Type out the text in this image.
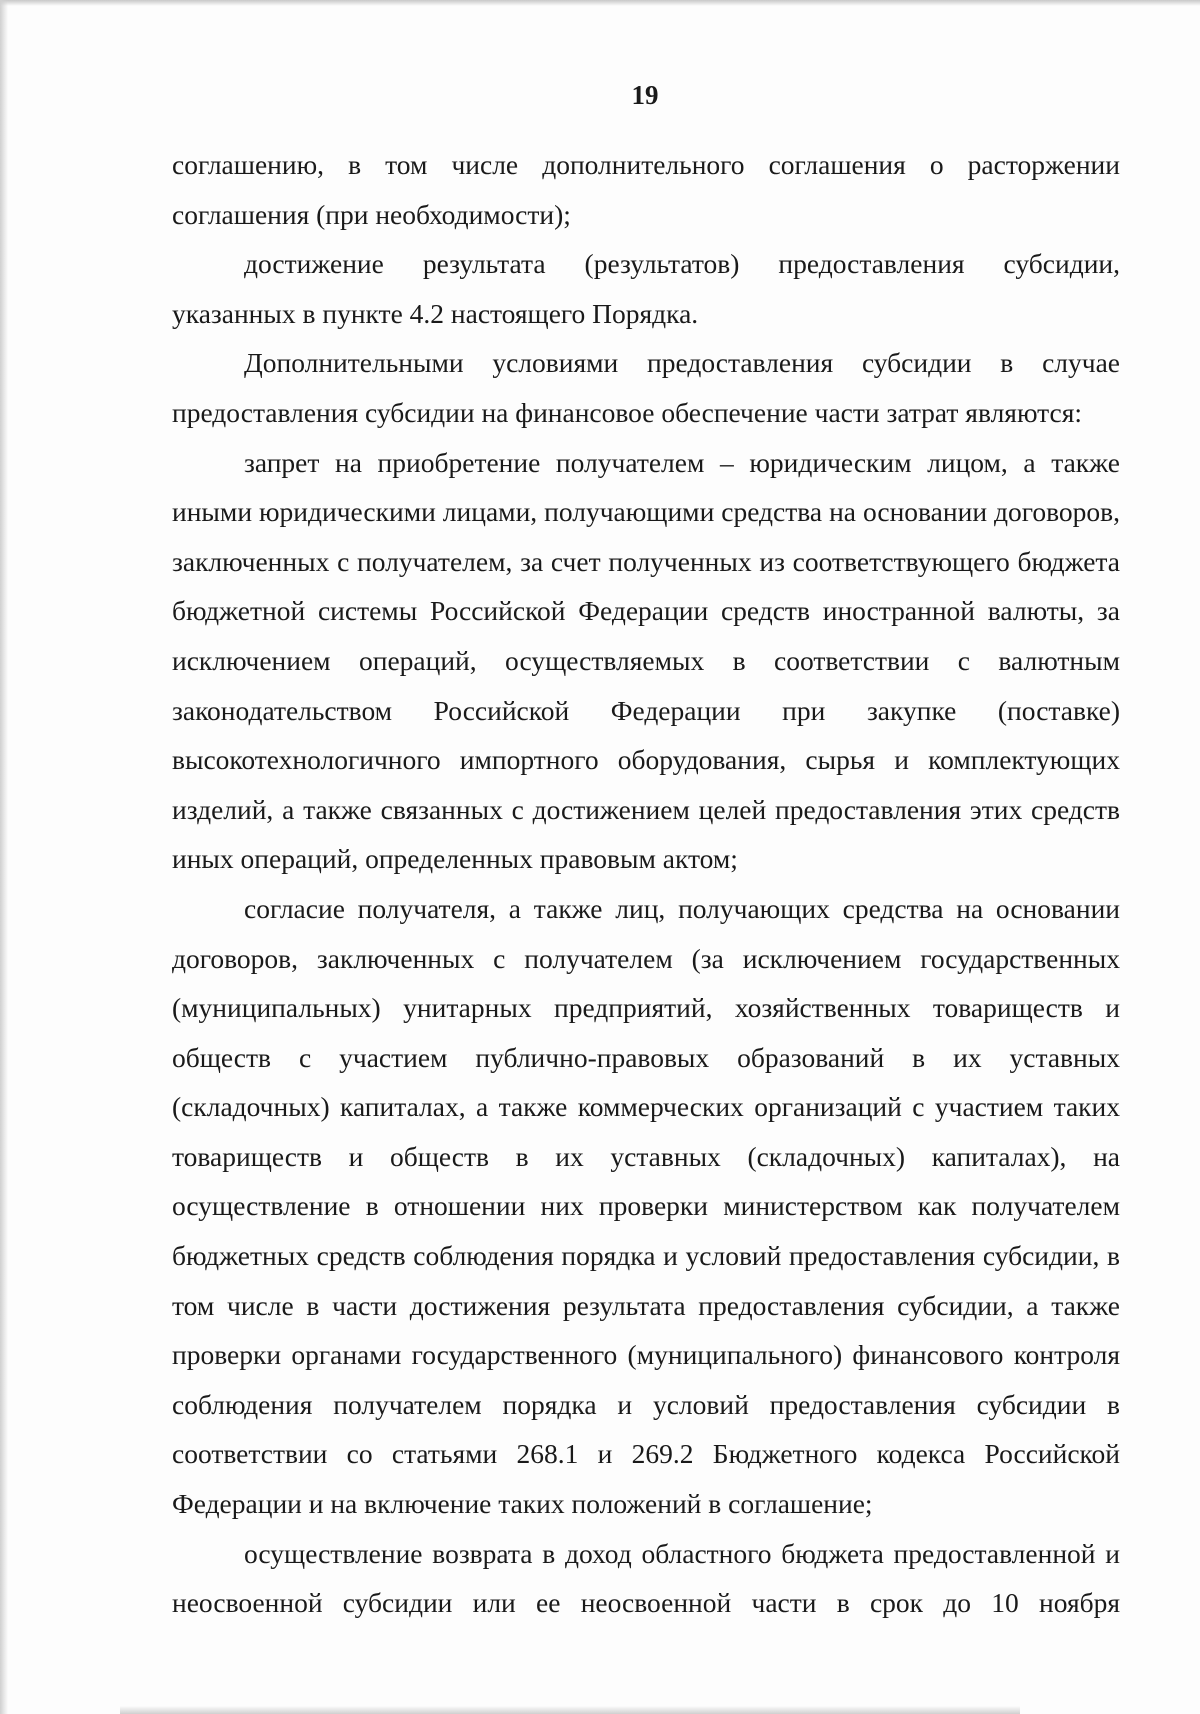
19

соглашению, в том числе дополнительного соглашения о расторжении соглашения (при необходимости);

достижение результата (результатов) предоставления субсидии, указанных в пункте 4.2 настоящего Порядка.

Дополнительными условиями предоставления субсидии в случае предоставления субсидии на финансовое обеспечение части затрат являются:

запрет на приобретение получателем – юридическим лицом, а также иными юридическими лицами, получающими средства на основании договоров, заключенных с получателем, за счет полученных из соответствующего бюджета бюджетной системы Российской Федерации средств иностранной валюты, за исключением операций, осуществляемых в соответствии с валютным законодательством Российской Федерации при закупке (поставке) высокотехнологичного импортного оборудования, сырья и комплектующих изделий, а также связанных с достижением целей предоставления этих средств иных операций, определенных правовым актом;

согласие получателя, а также лиц, получающих средства на основании договоров, заключенных с получателем (за исключением государственных (муниципальных) унитарных предприятий, хозяйственных товариществ и обществ с участием публично-правовых образований в их уставных (складочных) капиталах, а также коммерческих организаций с участием таких товариществ и обществ в их уставных (складочных) капиталах), на осуществление в отношении них проверки министерством как получателем бюджетных средств соблюдения порядка и условий предоставления субсидии, в том числе в части достижения результата предоставления субсидии, а также проверки органами государственного (муниципального) финансового контроля соблюдения получателем порядка и условий предоставления субсидии в соответствии со статьями 268.1 и 269.2 Бюджетного кодекса Российской Федерации и на включение таких положений в соглашение;

осуществление возврата в доход областного бюджета предоставленной и неосвоенной субсидии или ее неосвоенной части в срок до 10 ноября
